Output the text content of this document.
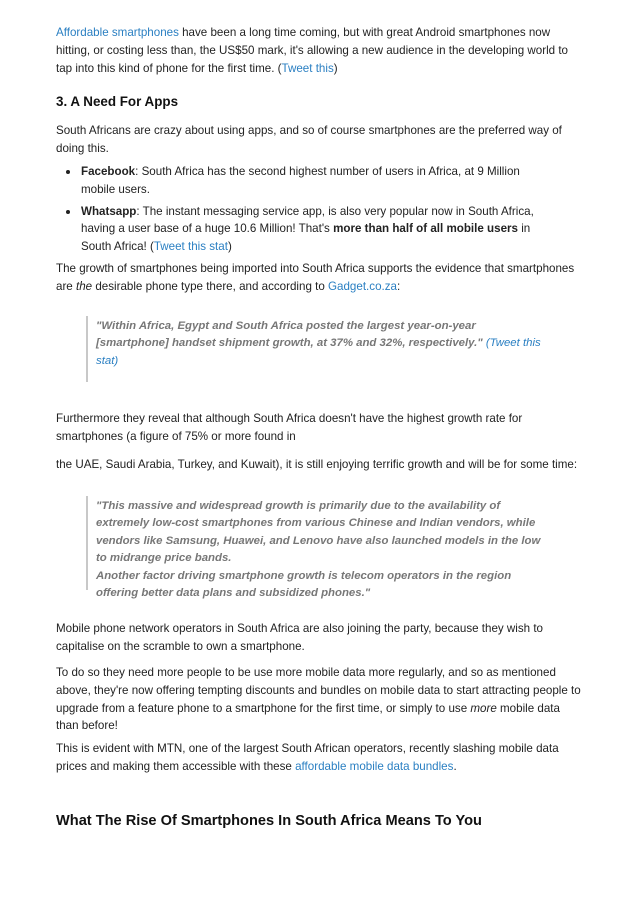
Affordable smartphones have been a long time coming, but with great Android smartphones now hitting, or costing less than, the US$50 mark, it's allowing a new audience in the developing world to tap into this kind of phone for the first time. (Tweet this)

3. A Need For Apps

South Africans are crazy about using apps, and so of course smartphones are the preferred way of doing this.

Facebook: South Africa has the second highest number of users in Africa, at 9 Million mobile users.
Whatsapp: The instant messaging service app, is also very popular now in South Africa, having a user base of a huge 10.6 Million! That's more than half of all mobile users in South Africa! (Tweet this stat)

The growth of smartphones being imported into South Africa supports the evidence that smartphones are the desirable phone type there, and according to Gadget.co.za:

"Within Africa, Egypt and South Africa posted the largest year-on-year [smartphone] handset shipment growth, at 37% and 32%, respectively." (Tweet this stat)

Furthermore they reveal that although South Africa doesn't have the highest growth rate for smartphones (a figure of 75% or more found in

the UAE, Saudi Arabia, Turkey, and Kuwait), it is still enjoying terrific growth and will be for some time:

"This massive and widespread growth is primarily due to the availability of extremely low-cost smartphones from various Chinese and Indian vendors, while vendors like Samsung, Huawei, and Lenovo have also launched models in the low to midrange price bands.
Another factor driving smartphone growth is telecom operators in the region offering better data plans and subsidized phones."

Mobile phone network operators in South Africa are also joining the party, because they wish to capitalise on the scramble to own a smartphone.

To do so they need more people to be use more mobile data more regularly, and so as mentioned above, they're now offering tempting discounts and bundles on mobile data to start attracting people to upgrade from a feature phone to a smartphone for the first time, or simply to use more mobile data than before!

This is evident with MTN, one of the largest South African operators, recently slashing mobile data prices and making them accessible with these affordable mobile data bundles.

What The Rise Of Smartphones In South Africa Means To You
